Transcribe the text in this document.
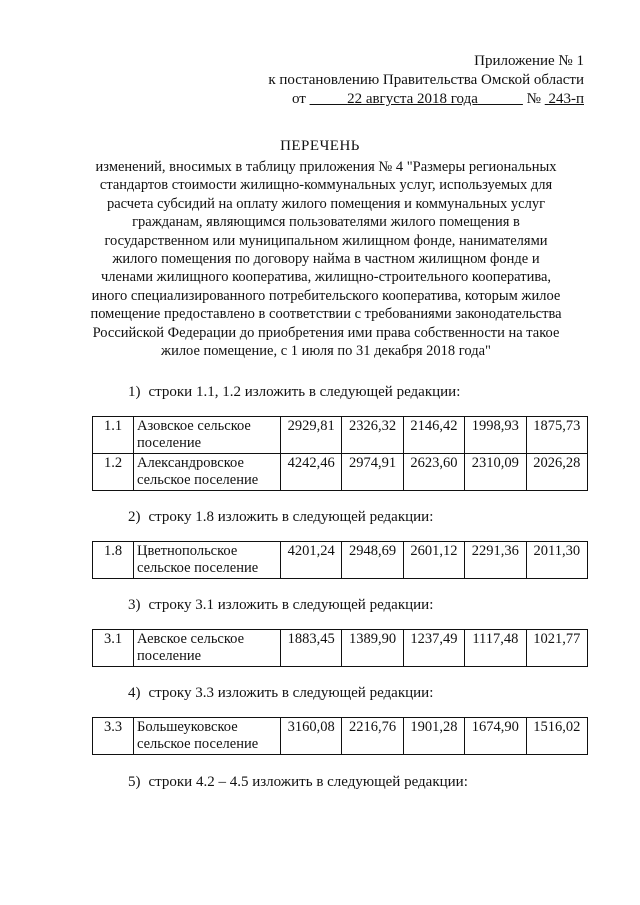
Приложение № 1
к постановлению Правительства Омской области
от	22 августа 2018 года	№ 243-п
ПЕРЕЧЕНЬ
изменений, вносимых в таблицу приложения № 4 "Размеры региональных стандартов стоимости жилищно-коммунальных услуг, используемых для расчета субсидий на оплату жилого помещения и коммунальных услуг гражданам, являющимся пользователями жилого помещения в государственном или муниципальном жилищном фонде, нанимателями жилого помещения по договору найма в частном жилищном фонде и членами жилищного кооператива, жилищно-строительного кооператива, иного специализированного потребительского кооператива, которым жилое помещение предоставлено в соответствии с требованиями законодательства Российской Федерации до приобретения ими права собственности на такое жилое помещение, с 1 июля по 31 декабря 2018 года"
1) строки 1.1, 1.2 изложить в следующей редакции:
1.1	Азовское сельское поселение	2929,81	2326,32	2146,42	1998,93	1875,73
1.2	Александровское сельское поселение	4242,46	2974,91	2623,60	2310,09	2026,28
2) строку 1.8 изложить в следующей редакции:
1.8	Цветнопольское сельское поселение	4201,24	2948,69	2601,12	2291,36	2011,30
3) строку 3.1 изложить в следующей редакции:
3.1	Аевское сельское поселение	1883,45	1389,90	1237,49	1117,48	1021,77
4) строку 3.3 изложить в следующей редакции:
3.3	Большеуковское сельское поселение	3160,08	2216,76	1901,28	1674,90	1516,02
5) строки 4.2 – 4.5 изложить в следующей редакции:
